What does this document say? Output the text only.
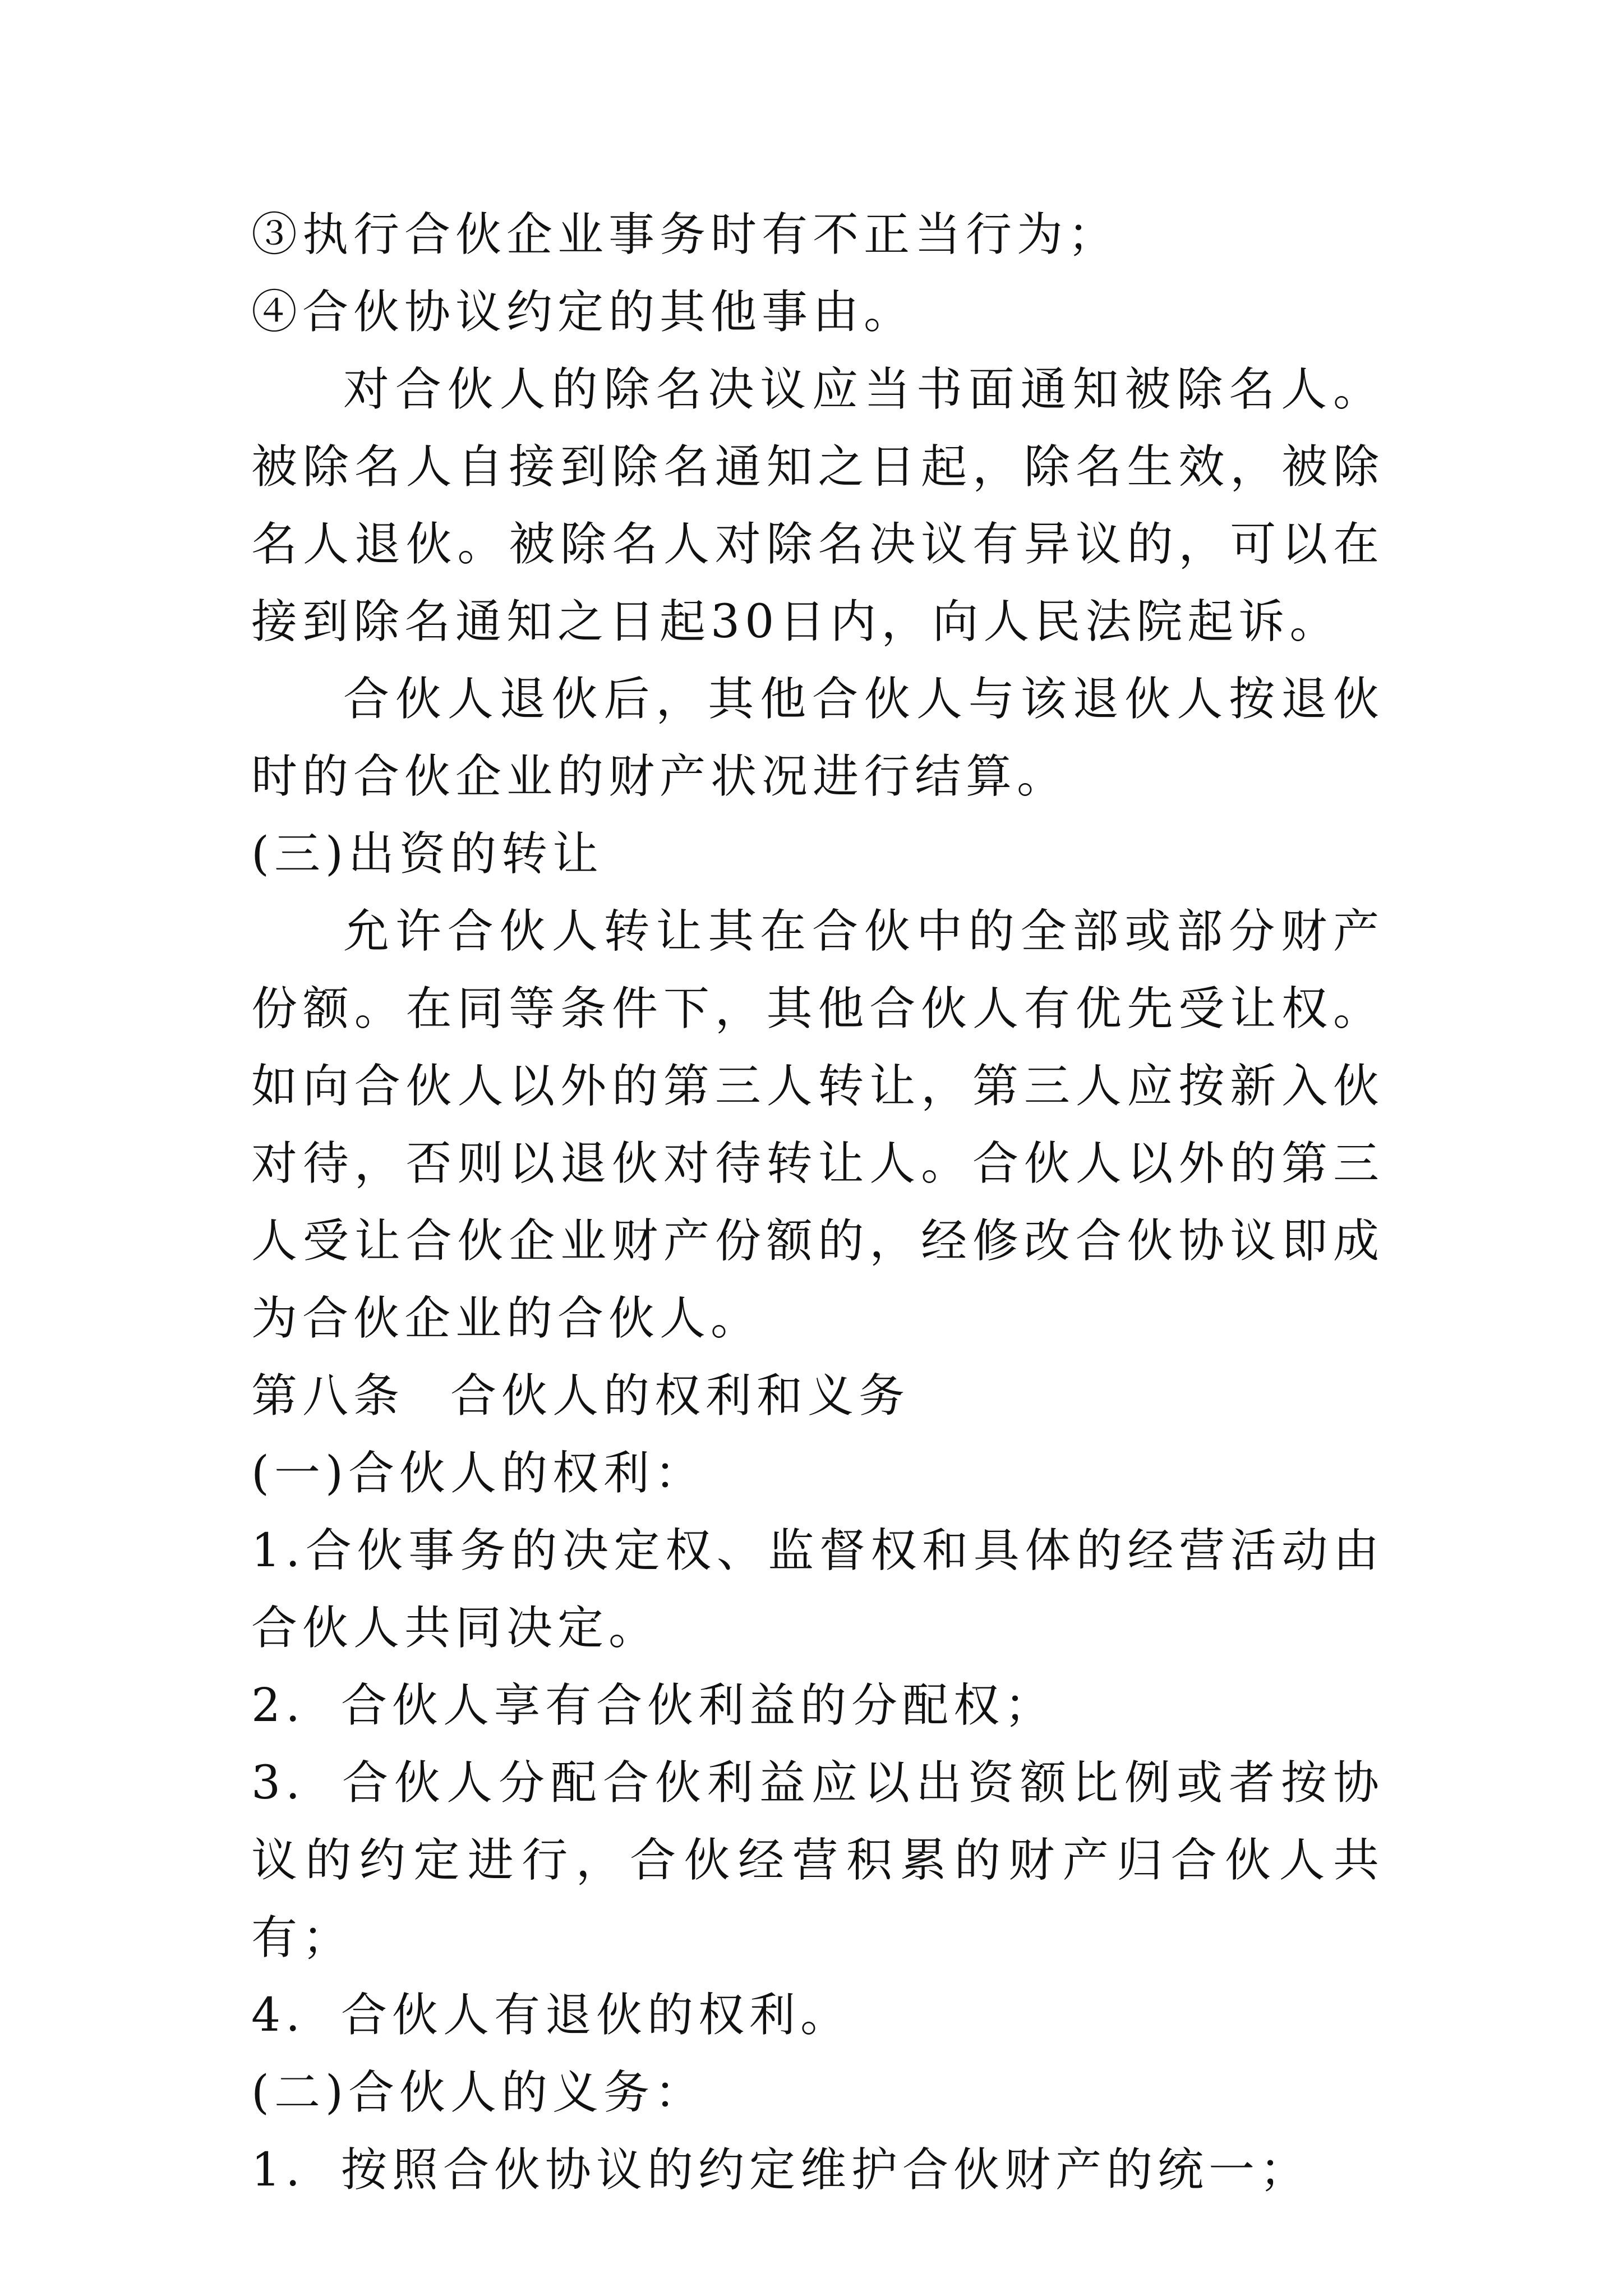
③执行合伙企业事务时有不正当行为；

④合伙协议约定的其他事由。

对合伙人的除名决议应当书面通知被除名人。被除名人自接到除名通知之日起，除名生效，被除名人退伙。被除名人对除名决议有异议的，可以在接到除名通知之日起30日内，向人民法院起诉。

合伙人退伙后，其他合伙人与该退伙人按退伙时的合伙企业的财产状况进行结算。

(三)出资的转让

允许合伙人转让其在合伙中的全部或部分财产份额。在同等条件下，其他合伙人有优先受让权。如向合伙人以外的第三人转让，第三人应按新入伙对待，否则以退伙对待转让人。合伙人以外的第三人受让合伙企业财产份额的，经修改合伙协议即成为合伙企业的合伙人。

第八条 合伙人的权利和义务

(一)合伙人的权利：

1.合伙事务的决定权、监督权和具体的经营活动由合伙人共同决定。

2. 合伙人享有合伙利益的分配权；

3. 合伙人分配合伙利益应以出资额比例或者按协议的约定进行，合伙经营积累的财产归合伙人共有；

4. 合伙人有退伙的权利。

(二)合伙人的义务：

1. 按照合伙协议的约定维护合伙财产的统一；
